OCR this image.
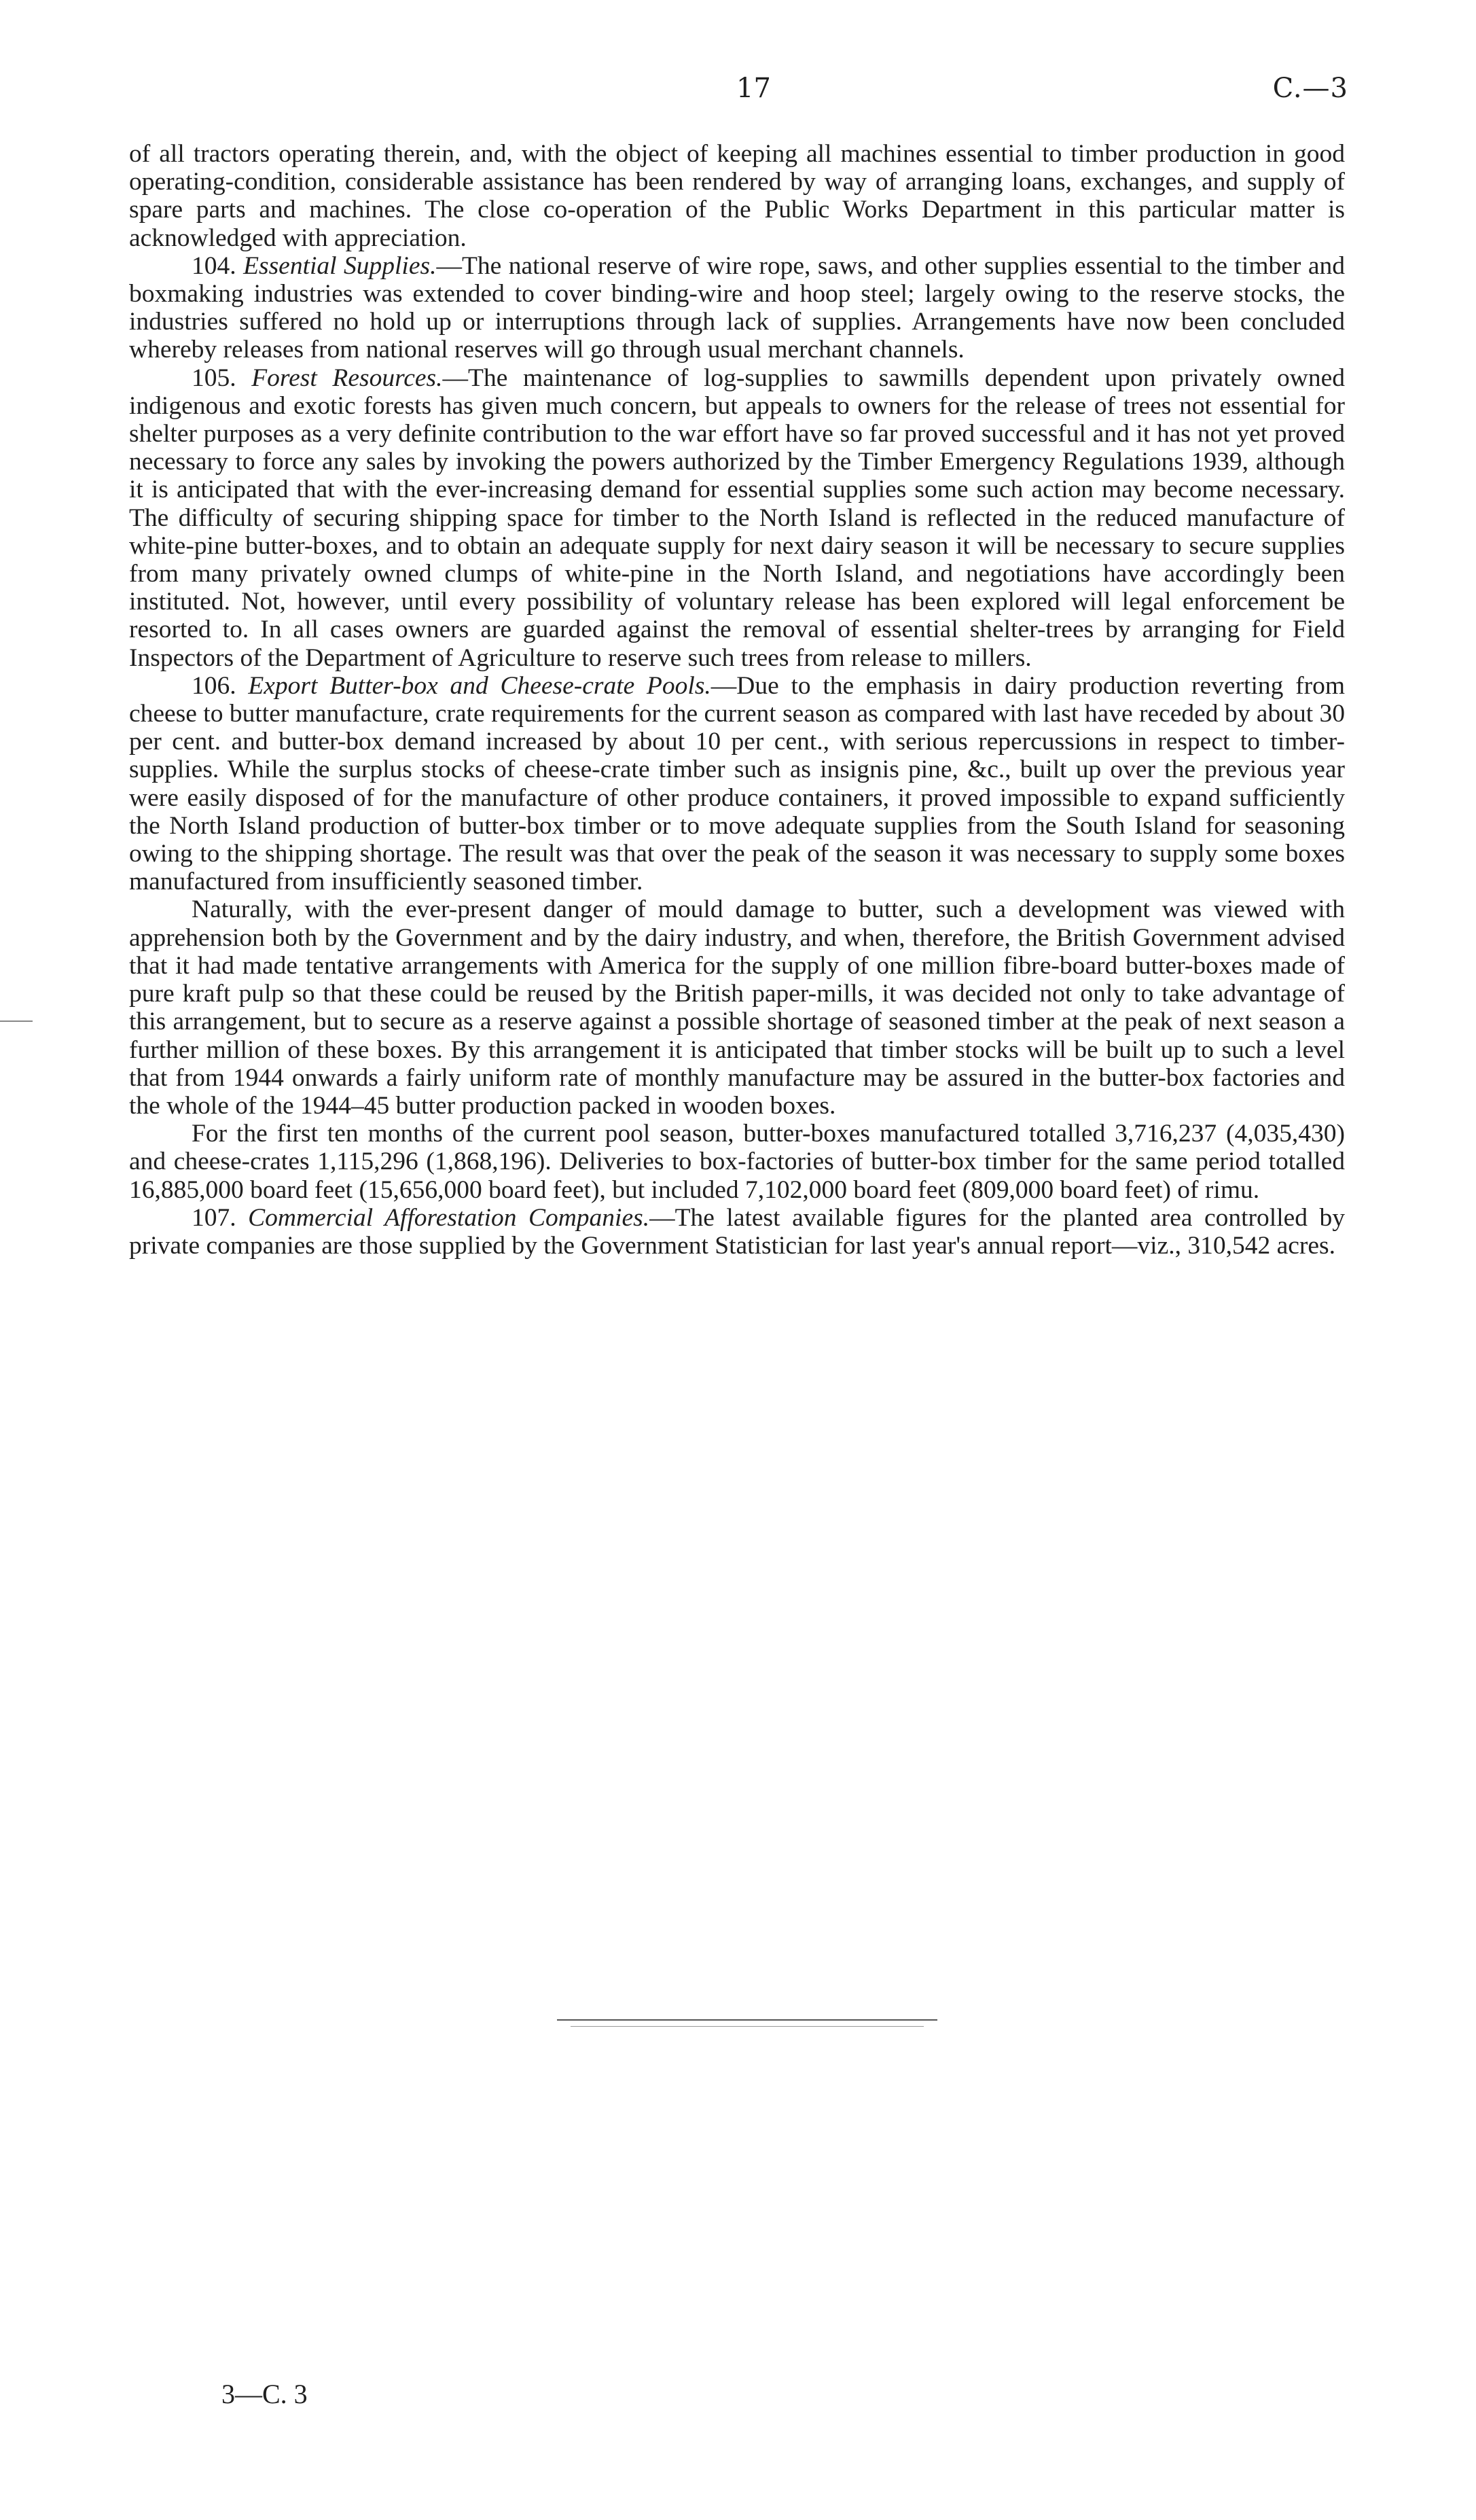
17	C.—3

of all tractors operating therein, and, with the object of keeping all machines essential to timber production in good operating-condition, considerable assistance has been rendered by way of arranging loans, exchanges, and supply of spare parts and machines. The close co-operation of the Public Works Department in this particular matter is acknowledged with appreciation.

104. Essential Supplies.—The national reserve of wire rope, saws, and other supplies essential to the timber and boxmaking industries was extended to cover binding-wire and hoop steel; largely owing to the reserve stocks, the industries suffered no hold up or interruptions through lack of supplies. Arrangements have now been concluded whereby releases from national reserves will go through usual merchant channels.

105. Forest Resources.—The maintenance of log-supplies to sawmills dependent upon privately owned indigenous and exotic forests has given much concern, but appeals to owners for the release of trees not essential for shelter purposes as a very definite contribution to the war effort have so far proved successful and it has not yet proved necessary to force any sales by invoking the powers authorized by the Timber Emergency Regulations 1939, although it is anticipated that with the ever-increasing demand for essential supplies some such action may become necessary. The difficulty of securing shipping space for timber to the North Island is reflected in the reduced manufacture of white-pine butter-boxes, and to obtain an adequate supply for next dairy season it will be necessary to secure supplies from many privately owned clumps of white-pine in the North Island, and negotiations have accordingly been instituted. Not, however, until every possibility of voluntary release has been explored will legal enforcement be resorted to. In all cases owners are guarded against the removal of essential shelter-trees by arranging for Field Inspectors of the Department of Agriculture to reserve such trees from release to millers.

106. Export Butter-box and Cheese-crate Pools.—Due to the emphasis in dairy production reverting from cheese to butter manufacture, crate requirements for the current season as compared with last have receded by about 30 per cent. and butter-box demand increased by about 10 per cent., with serious repercussions in respect to timber-supplies. While the surplus stocks of cheese-crate timber such as insignis pine, &c., built up over the previous year were easily disposed of for the manufacture of other produce containers, it proved impossible to expand sufficiently the North Island production of butter-box timber or to move adequate supplies from the South Island for seasoning owing to the shipping shortage. The result was that over the peak of the season it was necessary to supply some boxes manufactured from insufficiently seasoned timber.

Naturally, with the ever-present danger of mould damage to butter, such a development was viewed with apprehension both by the Government and by the dairy industry, and when, therefore, the British Government advised that it had made tentative arrangements with America for the supply of one million fibre-board butter-boxes made of pure kraft pulp so that these could be reused by the British paper-mills, it was decided not only to take advantage of this arrangement, but to secure as a reserve against a possible shortage of seasoned timber at the peak of next season a further million of these boxes. By this arrangement it is anticipated that timber stocks will be built up to such a level that from 1944 onwards a fairly uniform rate of monthly manufacture may be assured in the butter-box factories and the whole of the 1944–45 butter production packed in wooden boxes.

For the first ten months of the current pool season, butter-boxes manufactured totalled 3,716,237 (4,035,430) and cheese-crates 1,115,296 (1,868,196). Deliveries to box-factories of butter-box timber for the same period totalled 16,885,000 board feet (15,656,000 board feet), but included 7,102,000 board feet (809,000 board feet) of rimu.

107. Commercial Afforestation Companies.—The latest available figures for the planted area controlled by private companies are those supplied by the Government Statistician for last year's annual report—viz., 310,542 acres.

3—C. 3
